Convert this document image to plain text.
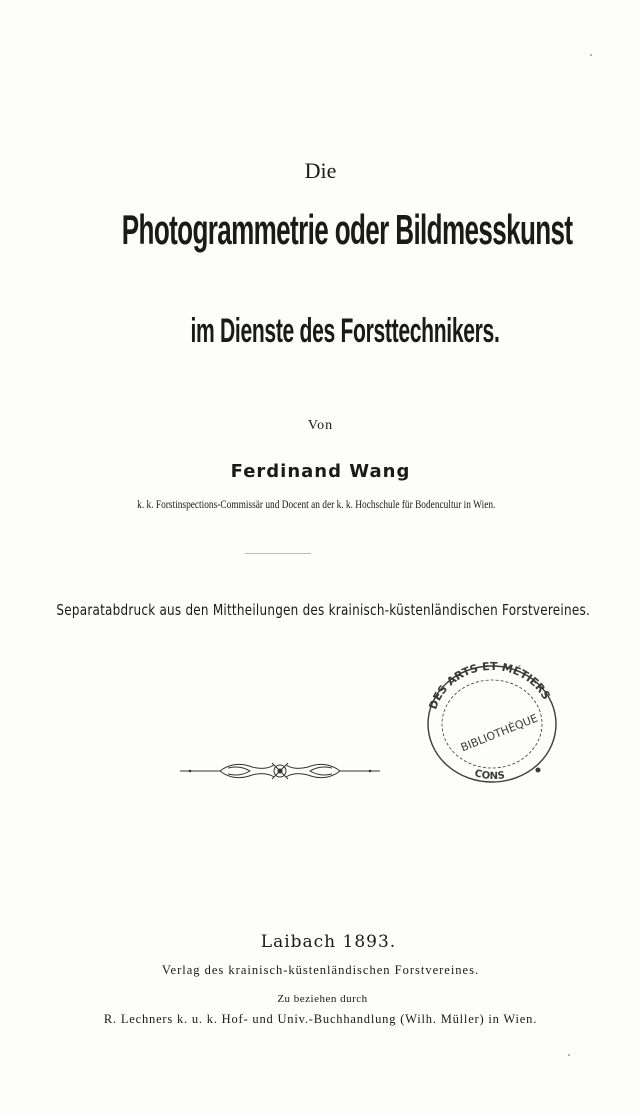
Die
Photogrammetrie oder Bildmesskunst
im Dienste des Forsttechnikers.
Von
Ferdinand Wang
k. k. Forstinspections-Commissär und Docent an der k. k. Hochschule für Bodencultur in Wien.
Separatabdruck aus den Mittheilungen des krainisch-küstenländischen Forstvereines.
DES ARTS ET MÉTIERS
CONS
BIBLIOTHÈQUE
Laibach 1893.
Verlag des krainisch-küstenländischen Forstvereines.
Zu beziehen durch
R. Lechners k. u. k. Hof- und Univ.-Buchhandlung (Wilh. Müller) in Wien.
